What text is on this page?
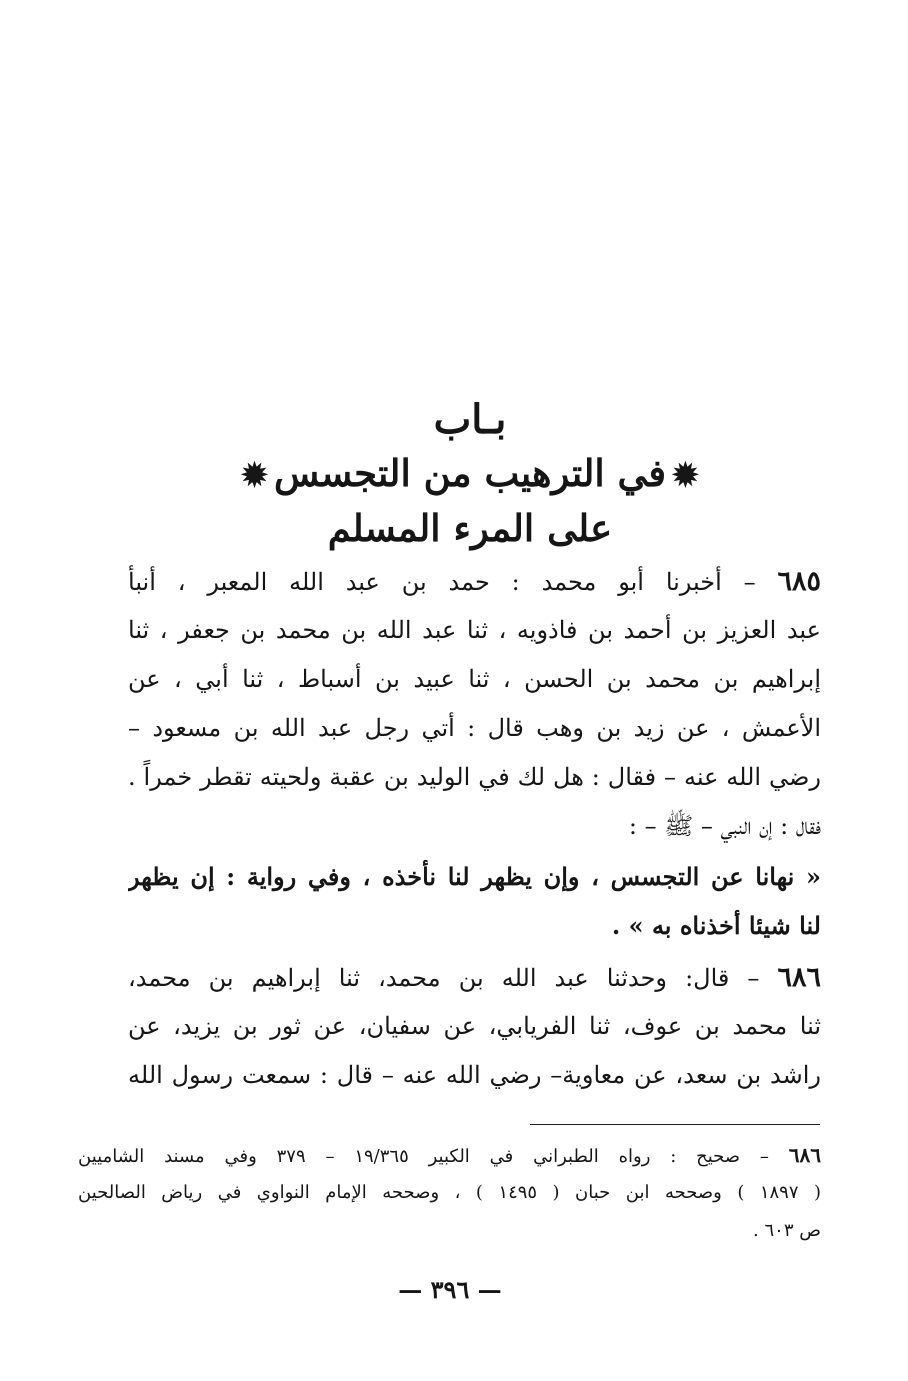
بـاب
✹في الترهيب من التجسس✹
على المرء المسلم
٦٨٥ – أخبرنا أبو محمد : حمد بن عبد الله المعبر ، أنبأ
عبد العزيز بن أحمد بن فاذويه ، ثنا عبد الله بن محمد بن جعفر ، ثنا
إبراهيم بن محمد بن الحسن ، ثنا عبيد بن أسباط ، ثنا أبي ، عن
الأعمش ، عن زيد بن وهب قال : أتي رجل عبد الله بن مسعود –
رضي الله عنه – فقال : هل لك في الوليد بن عقبة ولحيته تقطر خمراً .
فقال : إن النبي – ﷺ – :
« نهانا عن التجسس ، وإن يظهر لنا نأخذه ، وفي رواية : إن يظهر
لنا شيئا أخذناه به » .
٦٨٦ – قال: وحدثنا عبد الله بن محمد، ثنا إبراهيم بن محمد،
ثنا محمد بن عوف، ثنا الفريابي، عن سفيان، عن ثور بن يزيد، عن
راشد بن سعد، عن معاوية– رضي الله عنه – قال : سمعت رسول الله
٦٨٦ – صحيح : رواه الطبراني في الكبير ١٩/٣٦٥ – ٣٧٩ وفي مسند الشاميين
( ١٨٩٧ ) وصححه ابن حبان ( ١٤٩٥ ) ، وصححه الإمام النواوي في رياض الصالحين
ص ٦٠٣ .
— ٣٩٦ —
